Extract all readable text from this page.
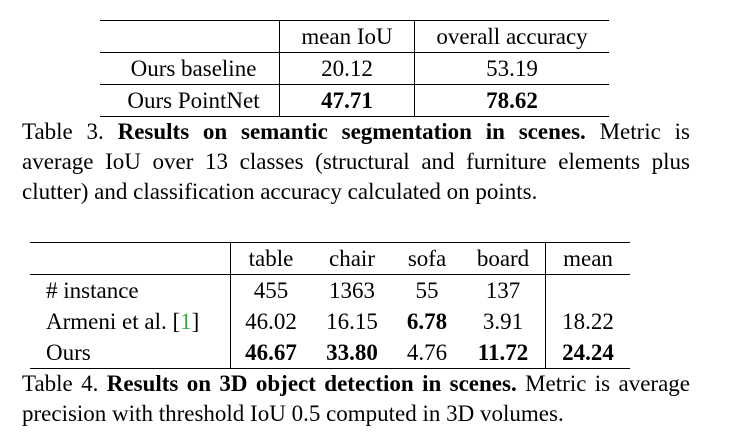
	mean IoU	overall accuracy
Ours baseline	20.12	53.19
Ours PointNet	47.71	78.62
Table 3. Results on semantic segmentation in scenes. Metric is average IoU over 13 classes (structural and furniture elements plus clutter) and classification accuracy calculated on points.
	table	chair	sofa	board	mean
# instance	455	1363	55	137	
Armeni et al. [1]	46.02	16.15	6.78	3.91	18.22
Ours	46.67	33.80	4.76	11.72	24.24
Table 4. Results on 3D object detection in scenes. Metric is average precision with threshold IoU 0.5 computed in 3D volumes.
